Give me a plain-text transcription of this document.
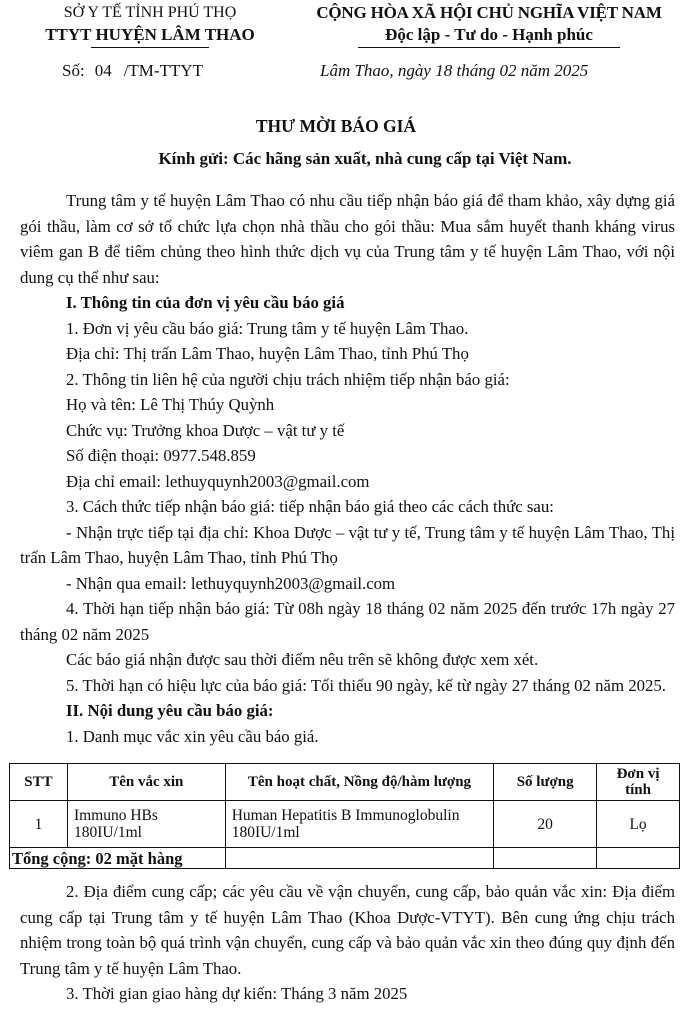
SỞ Y TẾ TỈNH PHÚ THỌ
TTYT HUYỆN LÂM THAO
CỘNG HÒA XÃ HỘI CHỦ NGHĨA VIỆT NAM
Độc lập - Tư do - Hạnh phúc
Số: 04 /TM-TTYT	Lâm Thao, ngày 18 tháng 02 năm 2025
THƯ MỜI BÁO GIÁ
Kính gửi: Các hãng sản xuất, nhà cung cấp tại Việt Nam.

Trung tâm y tế huyện Lâm Thao có nhu cầu tiếp nhận báo giá để tham khảo, xây dựng giá gói thầu, làm cơ sở tổ chức lựa chọn nhà thầu cho gói thầu: Mua sắm huyết thanh kháng virus viêm gan B để tiêm chủng theo hình thức dịch vụ của Trung tâm y tế huyện Lâm Thao, với nội dung cụ thể như sau:

I. Thông tin của đơn vị yêu cầu báo giá

1. Đơn vị yêu cầu báo giá: Trung tâm y tế huyện Lâm Thao.

Địa chỉ: Thị trấn Lâm Thao, huyện Lâm Thao, tỉnh Phú Thọ

2. Thông tin liên hệ của người chịu trách nhiệm tiếp nhận báo giá:

Họ và tên: Lê Thị Thúy Quỳnh

Chức vụ: Trưởng khoa Dược – vật tư y tế

Số điện thoại: 0977.548.859

Địa chỉ email: lethuyquynh2003@gmail.com

3. Cách thức tiếp nhận báo giá: tiếp nhận báo giá theo các cách thức sau:

- Nhận trực tiếp tại địa chỉ: Khoa Dược – vật tư y tế, Trung tâm y tế huyện Lâm Thao, Thị trấn Lâm Thao, huyện Lâm Thao, tỉnh Phú Thọ

- Nhận qua email: lethuyquynh2003@gmail.com

4. Thời hạn tiếp nhận báo giá: Từ 08h ngày 18 tháng 02 năm 2025 đến trước 17h ngày 27 tháng 02 năm 2025

Các báo giá nhận được sau thời điểm nêu trên sẽ không được xem xét.

5. Thời hạn có hiệu lực của báo giá: Tối thiểu 90 ngày, kể từ ngày 27 tháng 02 năm 2025.

II. Nội dung yêu cầu báo giá:

1. Danh mục vắc xin yêu cầu báo giá.

STT	Tên vắc xin	Tên hoạt chất, Nồng độ/hàm lượng	Số lượng	Đơn vị tính
1	Immuno HBs 180IU/1ml	Human Hepatitis B Immunoglobulin 180IU/1ml	20	Lọ
Tổng cộng: 02 mặt hàng				

2. Địa điểm cung cấp; các yêu cầu về vận chuyển, cung cấp, bảo quản vắc xin: Địa điểm cung cấp tại Trung tâm y tế huyện Lâm Thao (Khoa Dược-VTYT). Bên cung ứng chịu trách nhiệm trong toàn bộ quá trình vận chuyển, cung cấp và bảo quản vắc xin theo đúng quy định đến Trung tâm y tế huyện Lâm Thao.

3. Thời gian giao hàng dự kiến: Tháng 3 năm 2025
